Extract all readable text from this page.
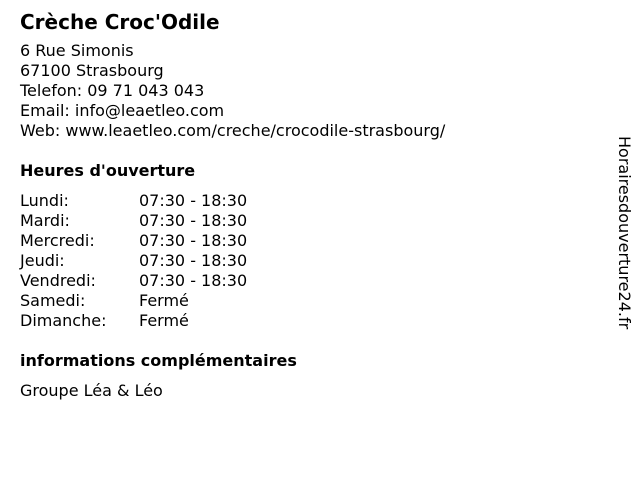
Crèche Croc'Odile
6 Rue Simonis
67100 Strasbourg
Telefon: 09 71 043 043
Email: info@leaetleo.com
Web: www.leaetleo.com/creche/crocodile-strasbourg/
Heures d'ouverture
Lundi:	07:30 - 18:30
Mardi:	07:30 - 18:30
Mercredi:	07:30 - 18:30
Jeudi:	07:30 - 18:30
Vendredi:	07:30 - 18:30
Samedi:	Fermé
Dimanche:	Fermé
informations complémentaires
Groupe Léa & Léo
Horairesdouverture24.fr
